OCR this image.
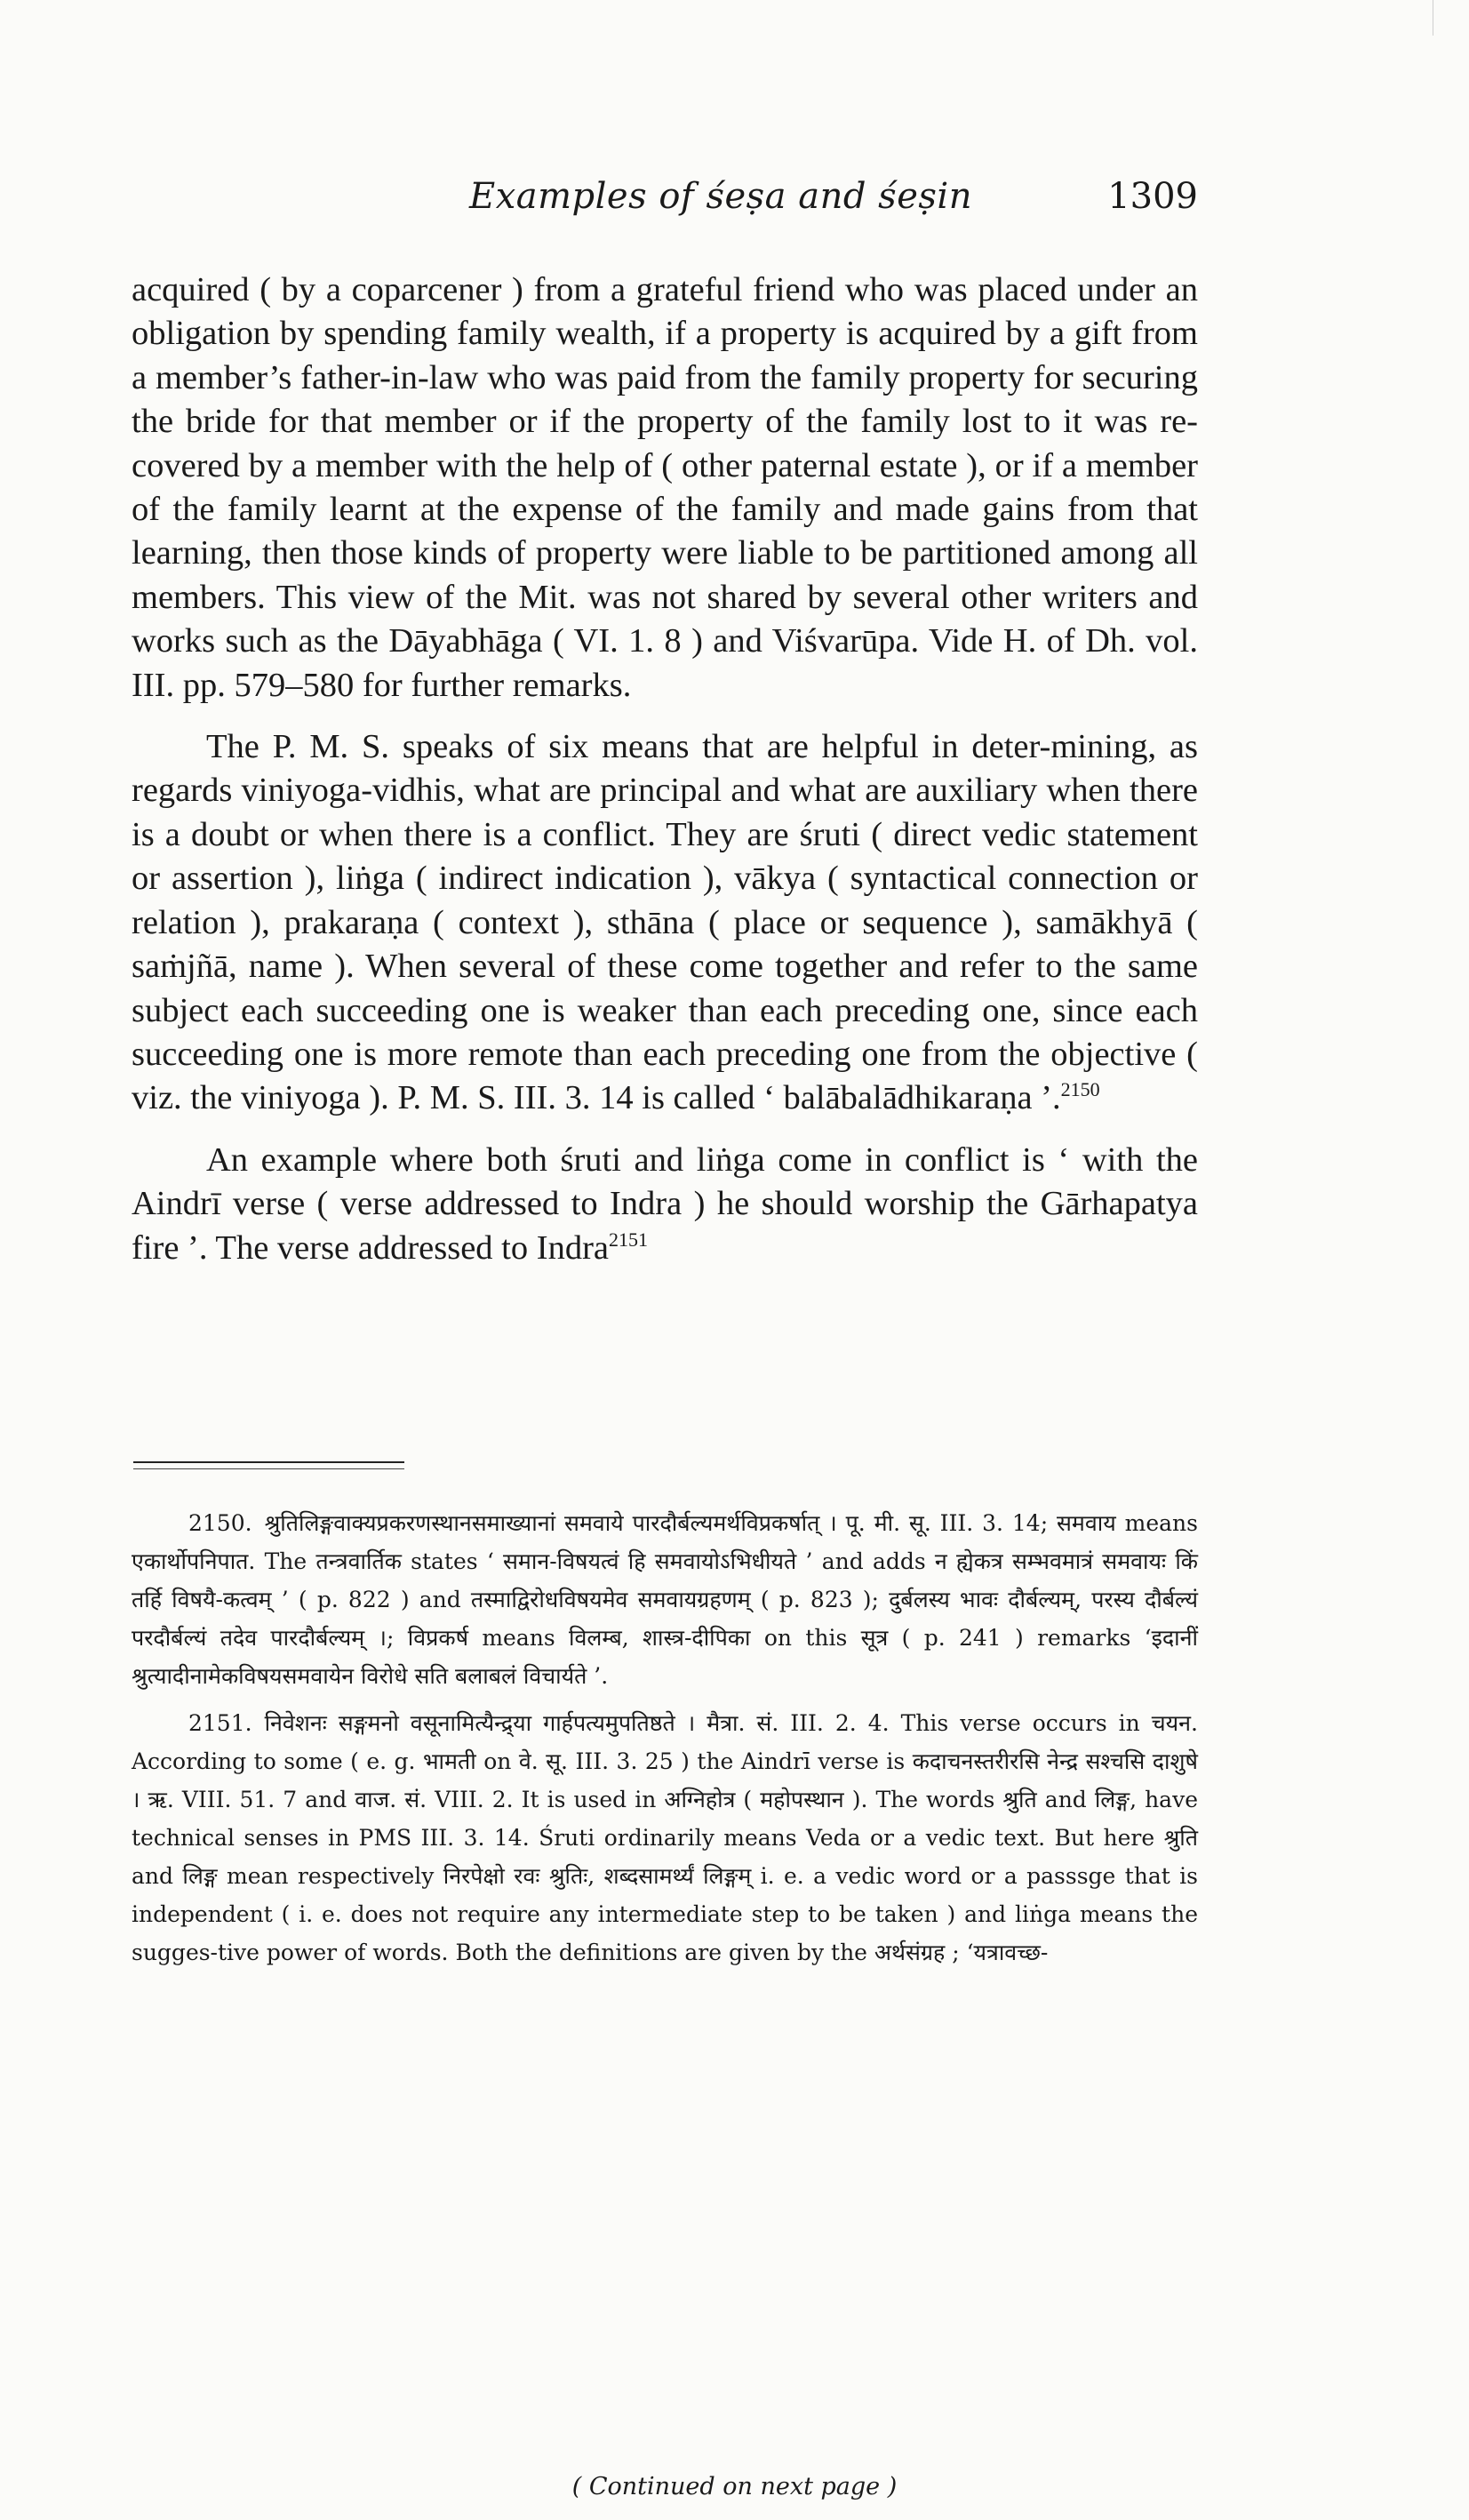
Examples of śeṣa and śeṣin	1309

acquired ( by a coparcener ) from a grateful friend who was placed under an obligation by spending family wealth, if a property is acquired by a gift from a member’s father-in-law who was paid from the family property for securing the bride for that member or if the property of the family lost to it was re-covered by a member with the help of ( other paternal estate ), or if a member of the family learnt at the expense of the family and made gains from that learning, then those kinds of property were liable to be partitioned among all members. This view of the Mit. was not shared by several other writers and works such as the Dāyabhāga ( VI. 1. 8 ) and Viśvarūpa. Vide H. of Dh. vol. III. pp. 579–580 for further remarks.

The P. M. S. speaks of six means that are helpful in deter-mining, as regards viniyoga-vidhis, what are principal and what are auxiliary when there is a doubt or when there is a conflict. They are śruti ( direct vedic statement or assertion ), liṅga ( indirect indication ), vākya ( syntactical connection or relation ), prakaraṇa ( context ), sthāna ( place or sequence ), samākhyā ( saṁjñā, name ). When several of these come together and refer to the same subject each succeeding one is weaker than each preceding one, since each succeeding one is more remote than each preceding one from the objective ( viz. the viniyoga ). P. M. S. III. 3. 14 is called ‘ balābalādhikaraṇa ’.$^{2150}$

An example where both śruti and liṅga come in conflict is ‘ with the Aindrī verse ( verse addressed to Indra ) he should worship the Gārhapatya fire ’. The verse addressed to Indra$^{2151}$

2150. श्रुतिलिङ्गवाक्यप्रकरणस्थानसमाख्यानां समवाये पारदौर्बल्यमर्थविप्रकर्षात् । पू. मी. सू. III. 3. 14; समवाय means एकार्थोपनिपात. The तन्त्रवार्तिक states ‘ समान-विषयत्वं हि समवायोऽभिधीयते ’ and adds न ह्येकत्र सम्भवमात्रं समवायः किं तर्हि विषयै-कत्वम् ’ ( p. 822 ) and तस्माद्विरोधविषयमेव समवायग्रहणम् ( p. 823 ); दुर्बलस्य भावः दौर्बल्यम्, परस्य दौर्बल्यं परदौर्बल्यं तदेव पारदौर्बल्यम् ।; विप्रकर्ष means विलम्ब, शास्त्र-दीपिका on this सूत्र ( p. 241 ) remarks ‘इदानीं श्रुत्यादीनामेकविषयसमवायेन विरोधे सति बलाबलं विचार्यते ’.

2151. निवेशनः सङ्गमनो वसूनामित्यैन्द्र्या गार्हपत्यमुपतिष्ठते । मैत्रा. सं. III. 2. 4. This verse occurs in चयन. According to some ( e. g. भामती on वे. सू. III. 3. 25 ) the Aindrī verse is कदाचनस्तरीरसि नेन्द्र सश्चसि दाशुषे । ऋ. VIII. 51. 7 and वाज. सं. VIII. 2. It is used in अग्निहोत्र ( महोपस्थान ). The words श्रुति and लिङ्ग, have technical senses in PMS III. 3. 14. Śruti ordinarily means Veda or a vedic text. But here श्रुति and लिङ्ग mean respectively निरपेक्षो रवः श्रुतिः, शब्दसामर्थ्यं लिङ्गम् i. e. a vedic word or a passsge that is independent ( i. e. does not require any intermediate step to be taken ) and liṅga means the sugges-tive power of words. Both the definitions are given by the अर्थसंग्रह ; ‘यत्रावच्छ-

( Continued on next page )
